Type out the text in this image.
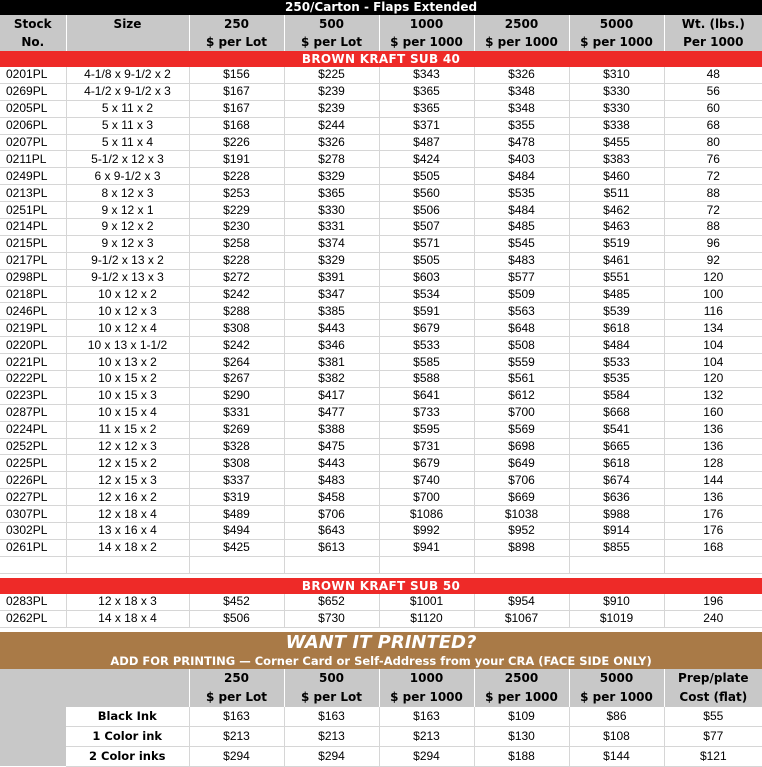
250/Carton - Flaps Extended							
Stock	Size	250	500	1000	2500	5000	Wt. (lbs.)
No.		$ per Lot	$ per Lot	$ per 1000	$ per 1000	$ per 1000	Per 1000
BROWN KRAFT SUB 40							
0201PL	4-1/8 x 9-1/2 x 2	$156	$225	$343	$326	$310	48
0269PL	4-1/2 x 9-1/2 x 3	$167	$239	$365	$348	$330	56
0205PL	5 x 11 x 2	$167	$239	$365	$348	$330	60
0206PL	5 x 11 x 3	$168	$244	$371	$355	$338	68
0207PL	5 x 11 x 4	$226	$326	$487	$478	$455	80
0211PL	5-1/2 x 12 x 3	$191	$278	$424	$403	$383	76
0249PL	6 x 9-1/2 x 3	$228	$329	$505	$484	$460	72
0213PL	8 x 12 x 3	$253	$365	$560	$535	$511	88
0251PL	9 x 12 x 1	$229	$330	$506	$484	$462	72
0214PL	9 x 12 x 2	$230	$331	$507	$485	$463	88
0215PL	9 x 12 x 3	$258	$374	$571	$545	$519	96
0217PL	9-1/2 x 13 x 2	$228	$329	$505	$483	$461	92
0298PL	9-1/2 x 13 x 3	$272	$391	$603	$577	$551	120
0218PL	10 x 12 x 2	$242	$347	$534	$509	$485	100
0246PL	10 x 12 x 3	$288	$385	$591	$563	$539	116
0219PL	10 x 12 x 4	$308	$443	$679	$648	$618	134
0220PL	10 x 13 x 1-1/2	$242	$346	$533	$508	$484	104
0221PL	10 x 13 x 2	$264	$381	$585	$559	$533	104
0222PL	10 x 15 x 2	$267	$382	$588	$561	$535	120
0223PL	10 x 15 x 3	$290	$417	$641	$612	$584	132
0287PL	10 x 15 x 4	$331	$477	$733	$700	$668	160
0224PL	11 x 15 x 2	$269	$388	$595	$569	$541	136
0252PL	12 x 12 x 3	$328	$475	$731	$698	$665	136
0225PL	12 x 15 x 2	$308	$443	$679	$649	$618	128
0226PL	12 x 15 x 3	$337	$483	$740	$706	$674	144
0227PL	12 x 16 x 2	$319	$458	$700	$669	$636	136
0307PL	12 x 18 x 4	$489	$706	$1086	$1038	$988	176
0302PL	13 x 16 x 4	$494	$643	$992	$952	$914	176
0261PL	14 x 18 x 2	$425	$613	$941	$898	$855	168

BROWN KRAFT SUB 50							
0283PL	12 x 18 x 3	$452	$652	$1001	$954	$910	196
0262PL	14 x 18 x 4	$506	$730	$1120	$1067	$1019	240

WANT IT PRINTED?							
ADD FOR PRINTING — Corner Card or Self-Address from your CRA (FACE SIDE ONLY)							
		250	500	1000	2500	5000	Prep/plate
		$ per Lot	$ per Lot	$ per 1000	$ per 1000	$ per 1000	Cost (flat)
	Black Ink	$163	$163	$163	$109	$86	$55
	1 Color ink	$213	$213	$213	$130	$108	$77
	2 Color inks	$294	$294	$294	$188	$144	$121
